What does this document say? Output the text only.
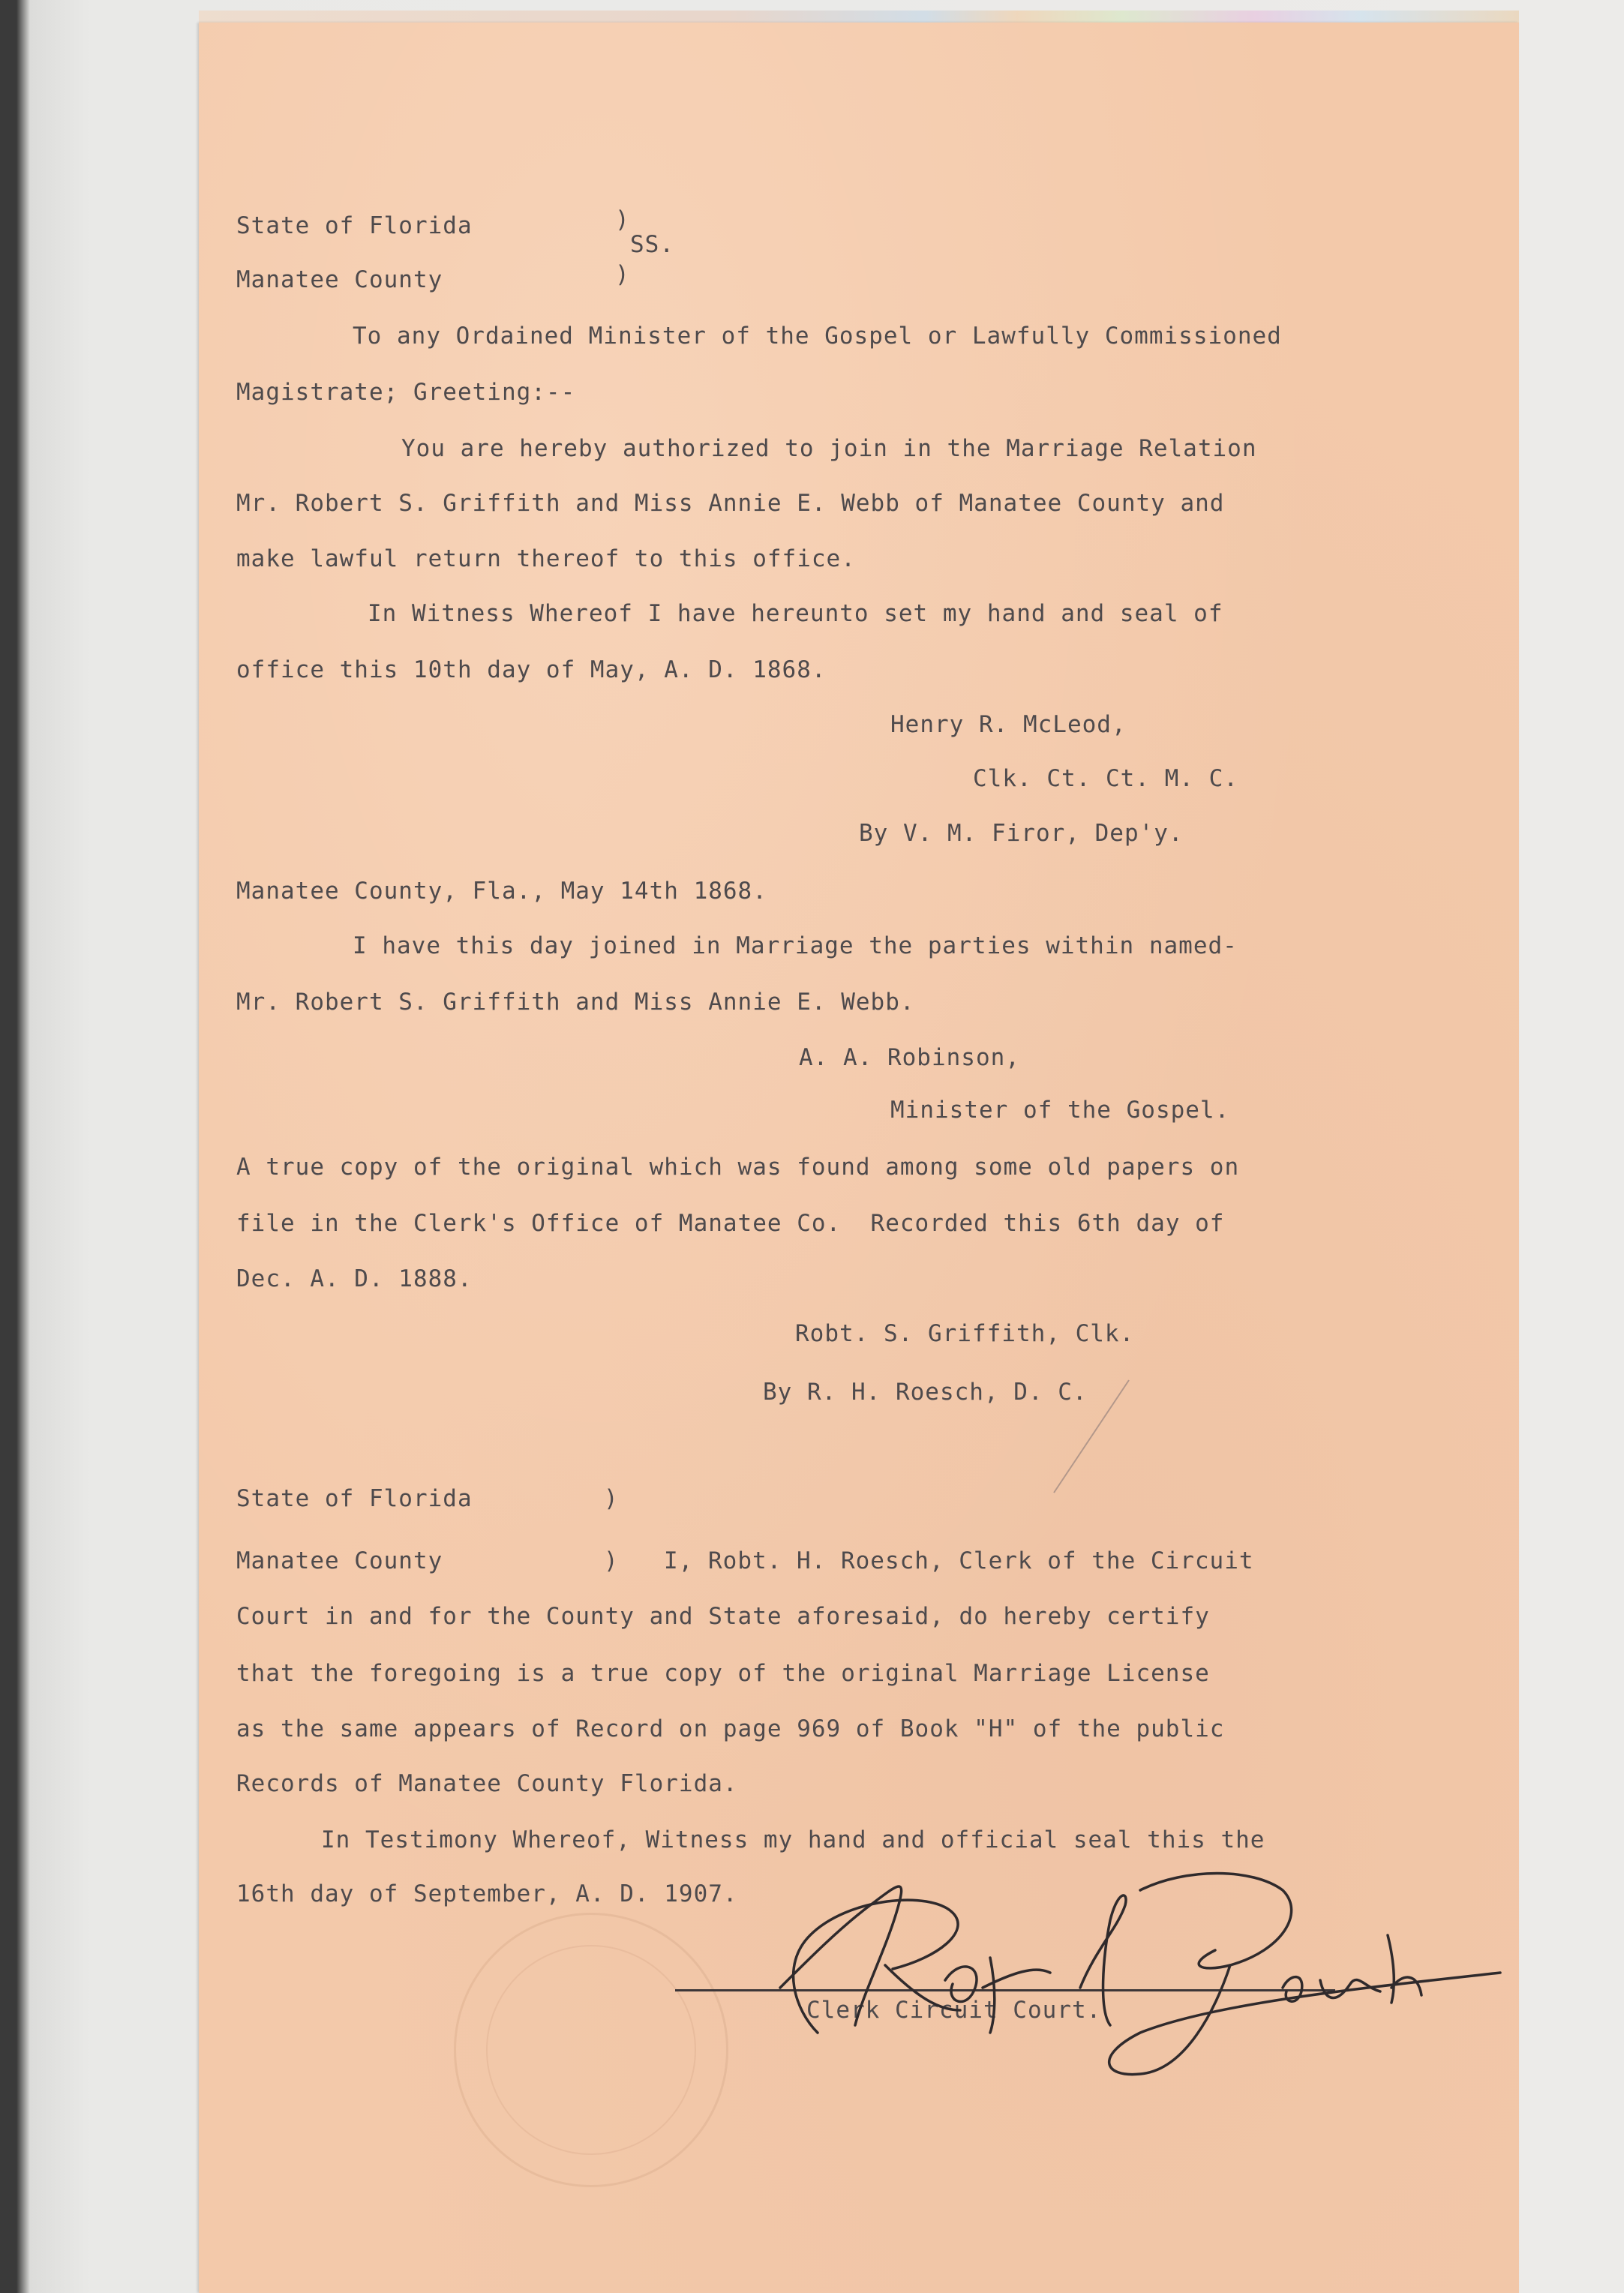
State of Florida	)
SS.
Manatee County	)
To any Ordained Minister of the Gospel or Lawfully Commissioned
Magistrate; Greeting:--
You are hereby authorized to join in the Marriage Relation
Mr. Robert S. Griffith and Miss Annie E. Webb of Manatee County and
make lawful return thereof to this office.
In Witness Whereof I have hereunto set my hand and seal of
office this 10th day of May, A. D. 1868.
Henry R. McLeod,
Clk. Ct. Ct. M. C.
By V. M. Firor, Dep'y.
Manatee County, Fla., May 14th 1868.
I have this day joined in Marriage the parties within named-
Mr. Robert S. Griffith and Miss Annie E. Webb.
A. A. Robinson,
Minister of the Gospel.
A true copy of the original which was found among some old papers on
file in the Clerk's Office of Manatee Co.  Recorded this 6th day of
Dec. A. D. 1888.
Robt. S. Griffith, Clk.
By R. H. Roesch, D. C.
State of Florida	)
Manatee County	) I, Robt. H. Roesch, Clerk of the Circuit
Court in and for the County and State aforesaid, do hereby certify
that the foregoing is a true copy of the original Marriage License
as the same appears of Record on page 969 of Book "H" of the public
Records of Manatee County Florida.
In Testimony Whereof, Witness my hand and official seal this the
16th day of September, A. D. 1907.
Clerk Circuit Court.
